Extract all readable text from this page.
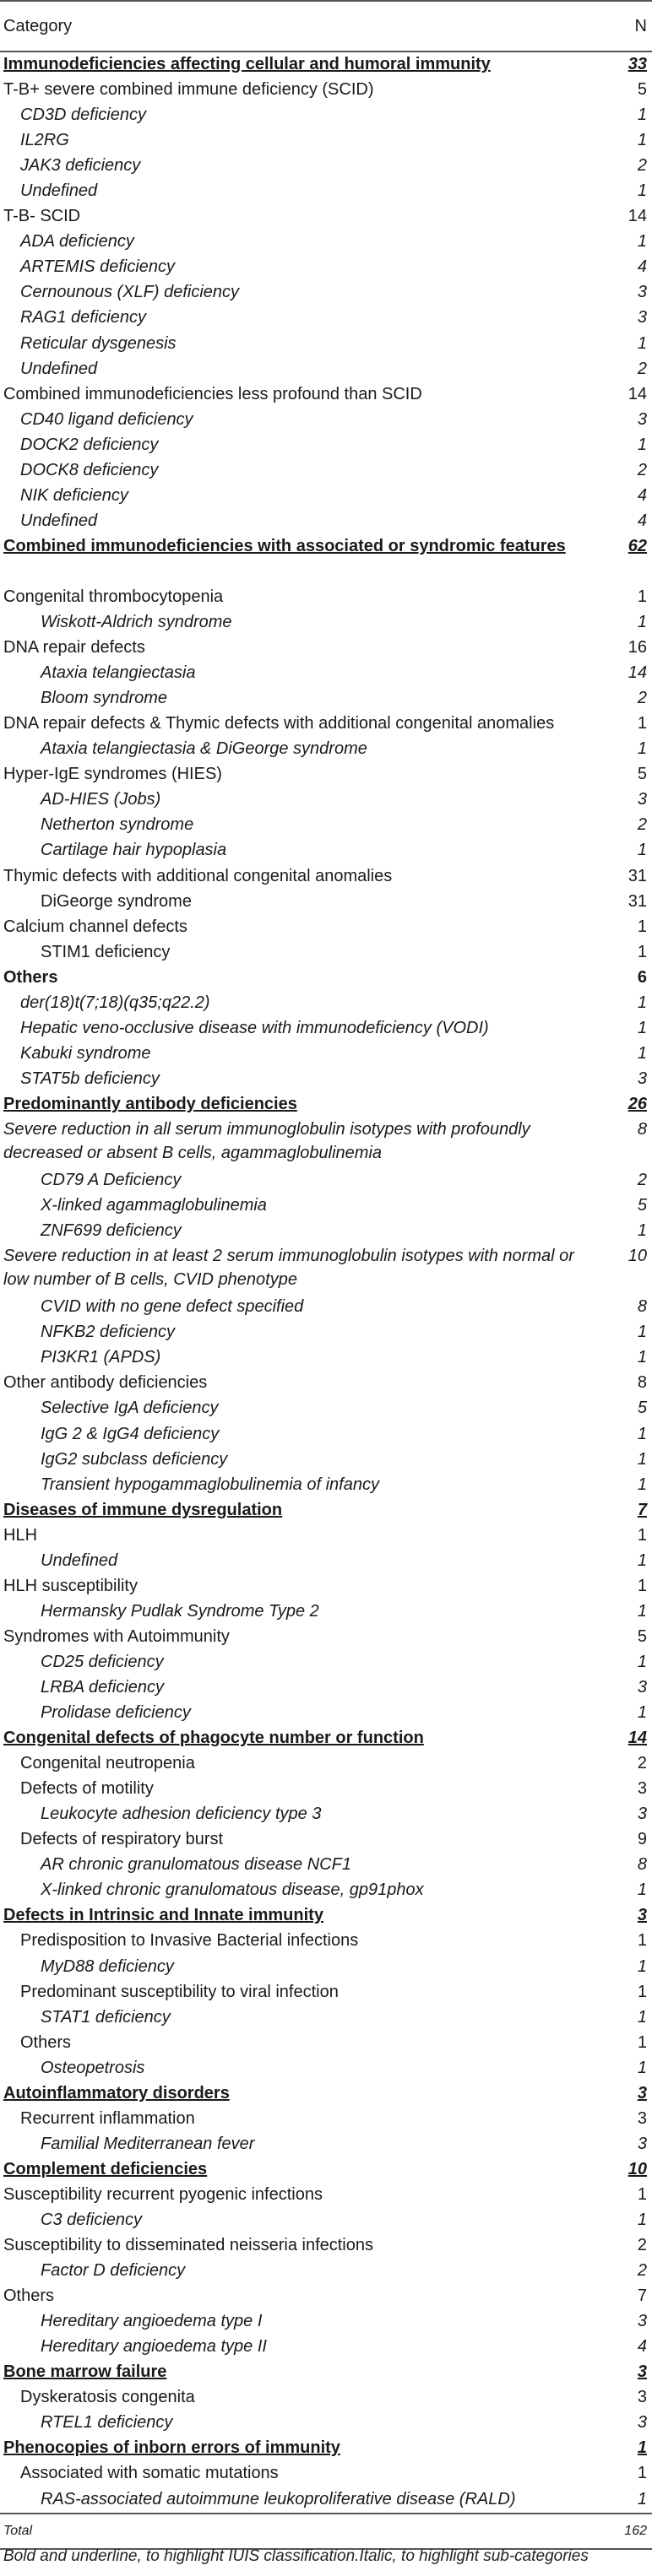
Category	N
Immunodeficiencies affecting cellular and humoral immunity	33
T-B+ severe combined immune deficiency (SCID)	5
CD3D deficiency	1
IL2RG	1
JAK3 deficiency	2
Undefined	1
T-B- SCID	14
ADA deficiency	1
ARTEMIS deficiency	4
Cernounous (XLF) deficiency	3
RAG1 deficiency	3
Reticular dysgenesis	1
Undefined	2
Combined immunodeficiencies less profound than SCID	14
CD40 ligand deficiency	3
DOCK2 deficiency	1
DOCK8 deficiency	2
NIK deficiency	4
Undefined	4
Combined immunodeficiencies with associated or syndromic features	62
Congenital thrombocytopenia	1
Wiskott-Aldrich syndrome	1
DNA repair defects	16
Ataxia telangiectasia	14
Bloom syndrome	2
DNA repair defects & Thymic defects with additional congenital anomalies	1
Ataxia telangiectasia & DiGeorge syndrome	1
Hyper-IgE syndromes (HIES)	5
AD-HIES (Jobs)	3
Netherton syndrome	2
Cartilage hair hypoplasia	1
Thymic defects with additional congenital anomalies	31
DiGeorge syndrome	31
Calcium channel defects	1
STIM1 deficiency	1
Others	6
der(18)t(7;18)(q35;q22.2)	1
Hepatic veno-occlusive disease with immunodeficiency (VODI)	1
Kabuki syndrome	1
STAT5b deficiency	3
Predominantly antibody deficiencies	26
Severe reduction in all serum immunoglobulin isotypes with profoundly decreased or absent B cells, agammaglobulinemia	8
CD79 A Deficiency	2
X-linked agammaglobulinemia	5
ZNF699 deficiency	1
Severe reduction in at least 2 serum immunoglobulin isotypes with normal or low number of B cells, CVID phenotype	10
CVID with no gene defect specified	8
NFKB2 deficiency	1
PI3KR1 (APDS)	1
Other antibody deficiencies	8
Selective IgA deficiency	5
IgG 2 & IgG4 deficiency	1
IgG2 subclass deficiency	1
Transient hypogammaglobulinemia of infancy	1
Diseases of immune dysregulation	7
HLH	1
Undefined	1
HLH susceptibility	1
Hermansky Pudlak Syndrome Type 2	1
Syndromes with Autoimmunity	5
CD25 deficiency	1
LRBA deficiency	3
Prolidase deficiency	1
Congenital defects of phagocyte number or function	14
Congenital neutropenia	2
Defects of motility	3
Leukocyte adhesion deficiency type 3	3
Defects of respiratory burst	9
AR chronic granulomatous disease NCF1	8
X-linked chronic granulomatous disease, gp91phox	1
Defects in Intrinsic and Innate immunity	3
Predisposition to Invasive Bacterial infections	1
MyD88 deficiency	1
Predominant susceptibility to viral infection	1
STAT1 deficiency	1
Others	1
Osteopetrosis	1
Autoinflammatory disorders	3
Recurrent inflammation	3
Familial Mediterranean fever	3
Complement deficiencies	10
Susceptibility recurrent pyogenic infections	1
C3 deficiency	1
Susceptibility to disseminated neisseria infections	2
Factor D deficiency	2
Others	7
Hereditary angioedema type I	3
Hereditary angioedema type II	4
Bone marrow failure	3
Dyskeratosis congenita	3
RTEL1 deficiency	3
Phenocopies of inborn errors of immunity	1
Associated with somatic mutations	1
RAS-associated autoimmune leukoproliferative disease (RALD)	1
Total	162
Bold and underline, to highlight IUIS classification.Italic, to highlight sub-categories
